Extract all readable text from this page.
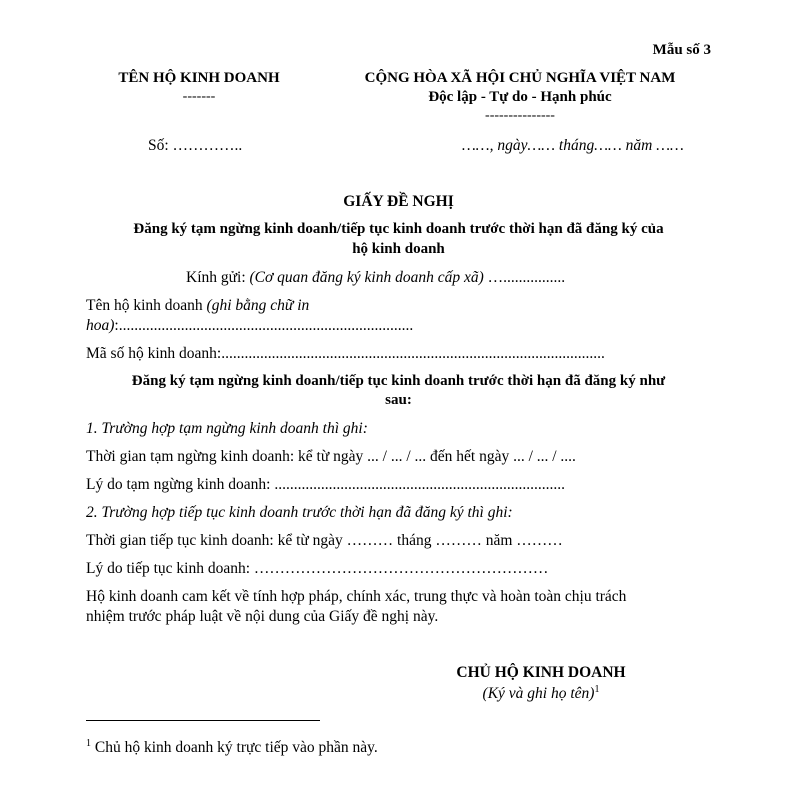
Mẫu số 3
TÊN HỘ KINH DOANH
-------
CỘNG HÒA XÃ HỘI CHỦ NGHĨA VIỆT NAM
Độc lập - Tự do - Hạnh phúc
---------------
Số: …………..	……, ngày…… tháng…… năm ……
GIẤY ĐỀ NGHỊ
Đăng ký tạm ngừng kinh doanh/tiếp tục kinh doanh trước thời hạn đã đăng ký của
hộ kinh doanh
Kính gửi: (Cơ quan đăng ký kinh doanh cấp xã) …................
Tên hộ kinh doanh (ghi bằng chữ in
hoa):............................................................................
Mã số hộ kinh doanh:...................................................................................................
Đăng ký tạm ngừng kinh doanh/tiếp tục kinh doanh trước thời hạn đã đăng ký như
sau:
1. Trường hợp tạm ngừng kinh doanh thì ghi:
Thời gian tạm ngừng kinh doanh: kể từ ngày ... / ... / ... đến hết ngày ... / ... / ....
Lý do tạm ngừng kinh doanh: ...........................................................................
2. Trường hợp tiếp tục kinh doanh trước thời hạn đã đăng ký thì ghi:
Thời gian tiếp tục kinh doanh: kể từ ngày ……… tháng ……… năm ………
Lý do tiếp tục kinh doanh: …………………………………………………
Hộ kinh doanh cam kết về tính hợp pháp, chính xác, trung thực và hoàn toàn chịu trách
nhiệm trước pháp luật về nội dung của Giấy đề nghị này.
CHỦ HỘ KINH DOANH
(Ký và ghi họ tên)$^1$
$^1$ Chủ hộ kinh doanh ký trực tiếp vào phần này.
